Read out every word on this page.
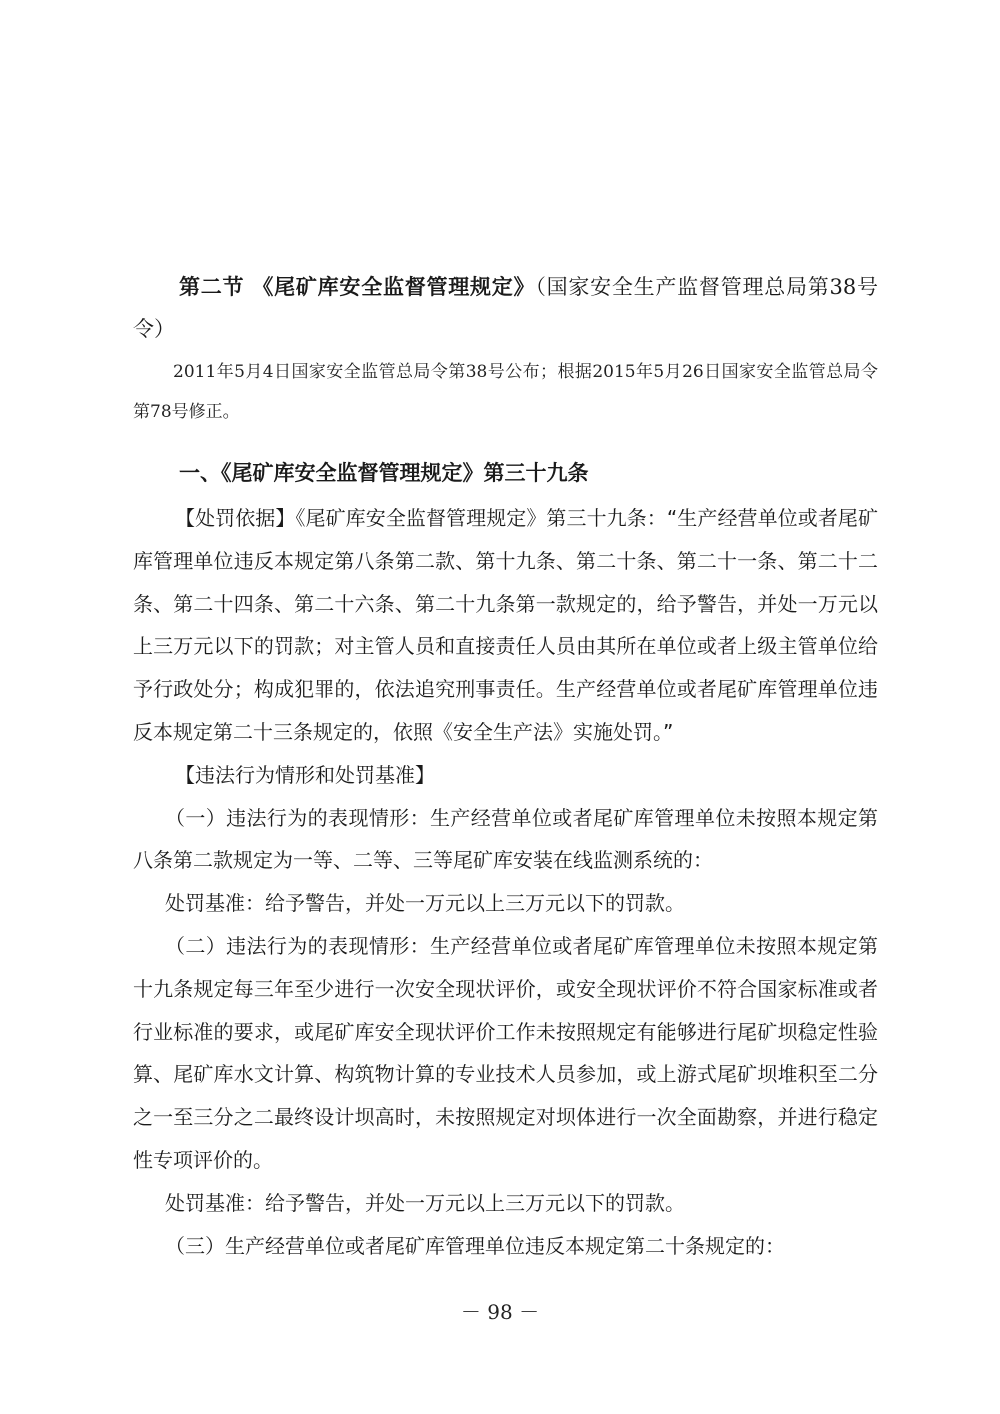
第二节 《尾矿库安全监督管理规定》（国家安全生产监督管理总局第38号令）
2011年5月4日国家安全监管总局令第38号公布；根据2015年5月26日国家安全监管总局令第78号修正。
一、《尾矿库安全监督管理规定》第三十九条

【处罚依据】《尾矿库安全监督管理规定》第三十九条：“生产经营单位或者尾矿库管理单位违反本规定第八条第二款、第十九条、第二十条、第二十一条、第二十二条、第二十四条、第二十六条、第二十九条第一款规定的，给予警告，并处一万元以上三万元以下的罚款；对主管人员和直接责任人员由其所在单位或者上级主管单位给予行政处分；构成犯罪的，依法追究刑事责任。生产经营单位或者尾矿库管理单位违反本规定第二十三条规定的，依照《安全生产法》实施处罚。”

【违法行为情形和处罚基准】

（一）违法行为的表现情形：生产经营单位或者尾矿库管理单位未按照本规定第八条第二款规定为一等、二等、三等尾矿库安装在线监测系统的：

处罚基准：给予警告，并处一万元以上三万元以下的罚款。

（二）违法行为的表现情形：生产经营单位或者尾矿库管理单位未按照本规定第十九条规定每三年至少进行一次安全现状评价，或安全现状评价不符合国家标准或者行业标准的要求，或尾矿库安全现状评价工作未按照规定有能够进行尾矿坝稳定性验算、尾矿库水文计算、构筑物计算的专业技术人员参加，或上游式尾矿坝堆积至二分之一至三分之二最终设计坝高时，未按照规定对坝体进行一次全面勘察，并进行稳定性专项评价的。

处罚基准：给予警告，并处一万元以上三万元以下的罚款。

（三）生产经营单位或者尾矿库管理单位违反本规定第二十条规定的：

－ 98 －
